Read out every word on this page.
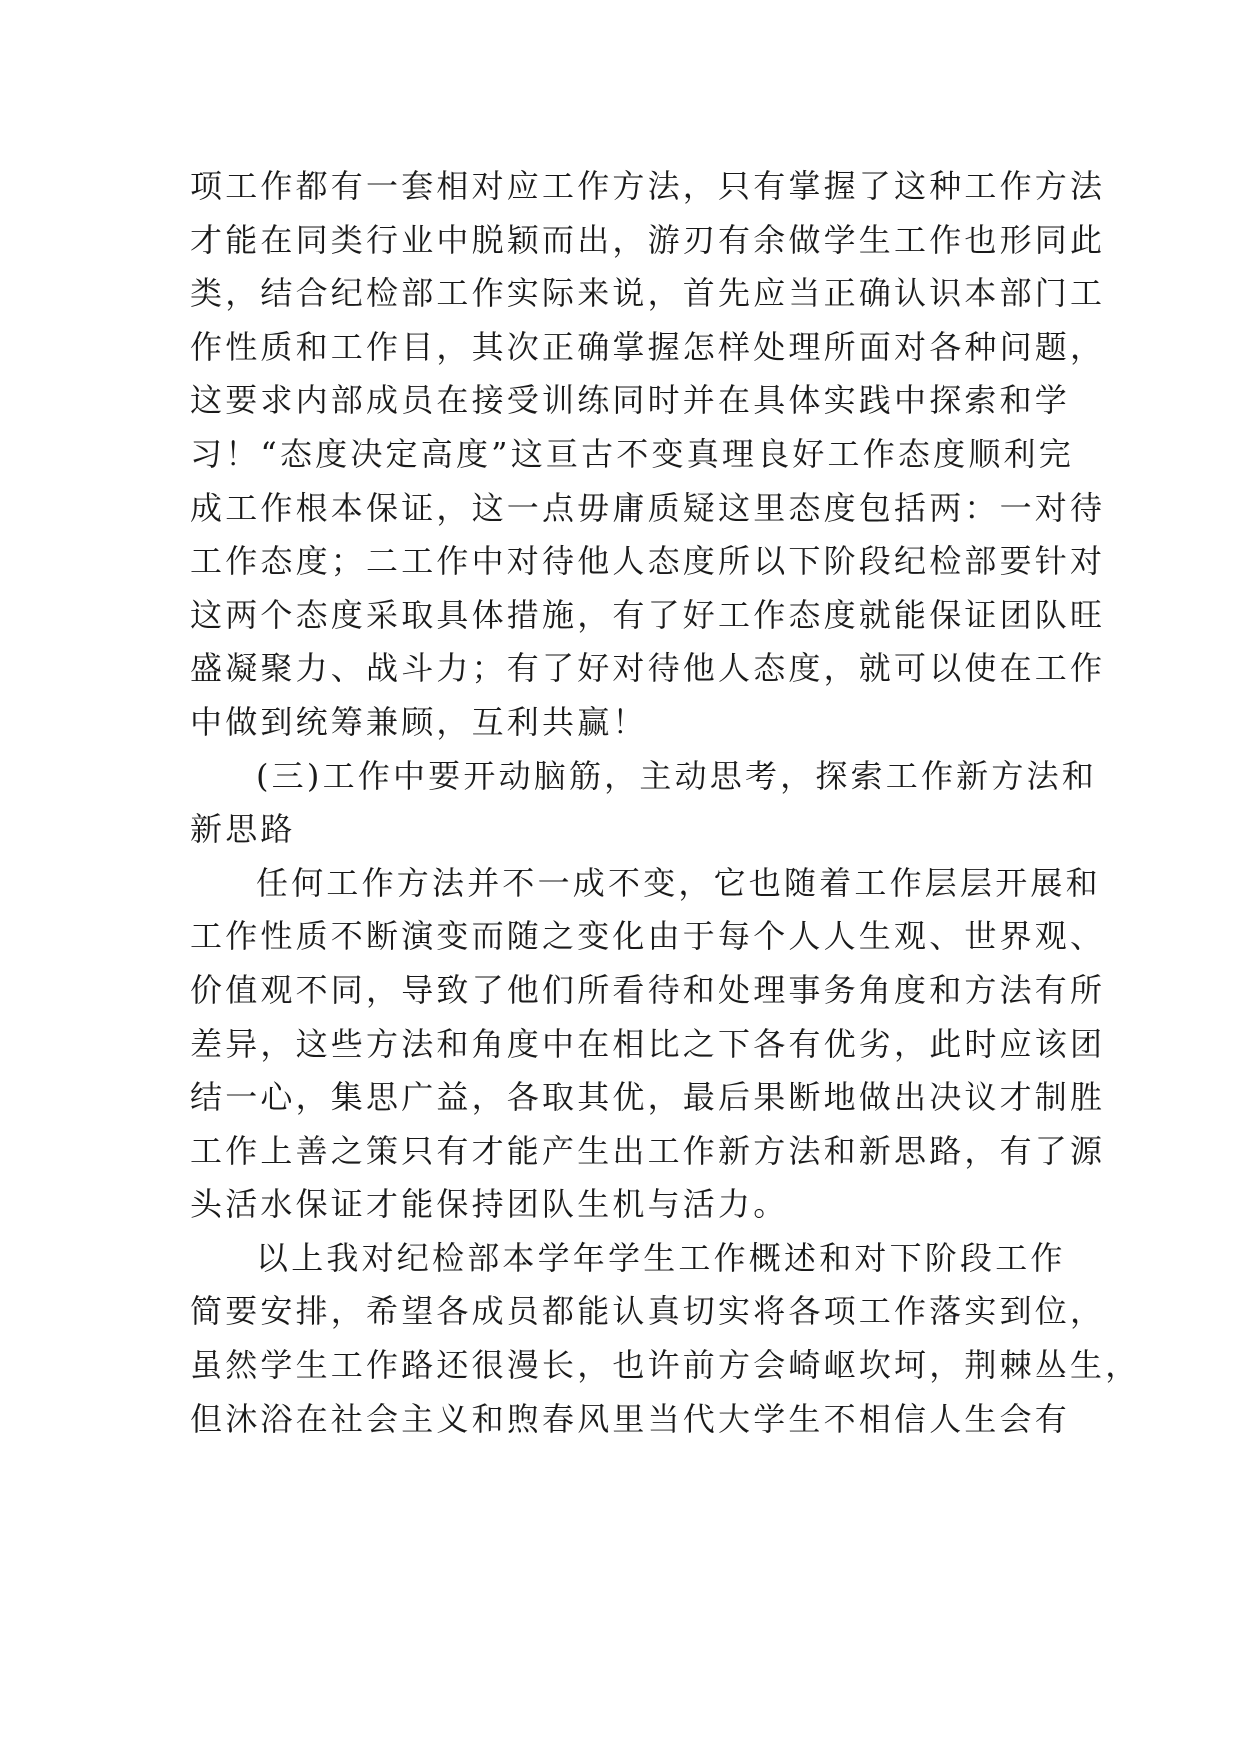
项工作都有一套相对应工作方法，只有掌握了这种工作方法
才能在同类行业中脱颖而出，游刃有余做学生工作也形同此
类，结合纪检部工作实际来说，首先应当正确认识本部门工
作性质和工作目，其次正确掌握怎样处理所面对各种问题，
这要求内部成员在接受训练同时并在具体实践中探索和学
习！“态度决定高度”这亘古不变真理良好工作态度顺利完
成工作根本保证，这一点毋庸质疑这里态度包括两：一对待
工作态度；二工作中对待他人态度所以下阶段纪检部要针对
这两个态度采取具体措施，有了好工作态度就能保证团队旺
盛凝聚力、战斗力；有了好对待他人态度，就可以使在工作
中做到统筹兼顾，互利共赢！
(三)工作中要开动脑筋，主动思考，探索工作新方法和
新思路
任何工作方法并不一成不变，它也随着工作层层开展和
工作性质不断演变而随之变化由于每个人人生观、世界观、
价值观不同，导致了他们所看待和处理事务角度和方法有所
差异，这些方法和角度中在相比之下各有优劣，此时应该团
结一心，集思广益，各取其优，最后果断地做出决议才制胜
工作上善之策只有才能产生出工作新方法和新思路，有了源
头活水保证才能保持团队生机与活力。
以上我对纪检部本学年学生工作概述和对下阶段工作
简要安排，希望各成员都能认真切实将各项工作落实到位，
虽然学生工作路还很漫长，也许前方会崎岖坎坷，荆棘丛生，
但沐浴在社会主义和煦春风里当代大学生不相信人生会有
